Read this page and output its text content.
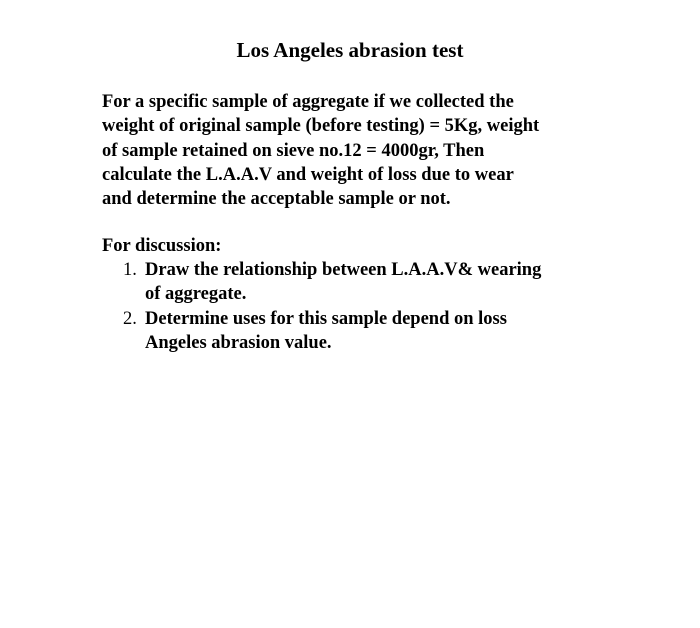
Los Angeles abrasion test

For a specific sample of aggregate if we collected the
weight of original sample (before testing) = 5Kg, weight
of sample retained on sieve no.12 = 4000gr, Then
calculate the L.A.A.V and weight of loss due to wear
and determine the acceptable sample or not.

For discussion:

1. Draw the relationship between L.A.A.V& wearing
of aggregate.
2. Determine uses for this sample depend on loss
Angeles abrasion value.
